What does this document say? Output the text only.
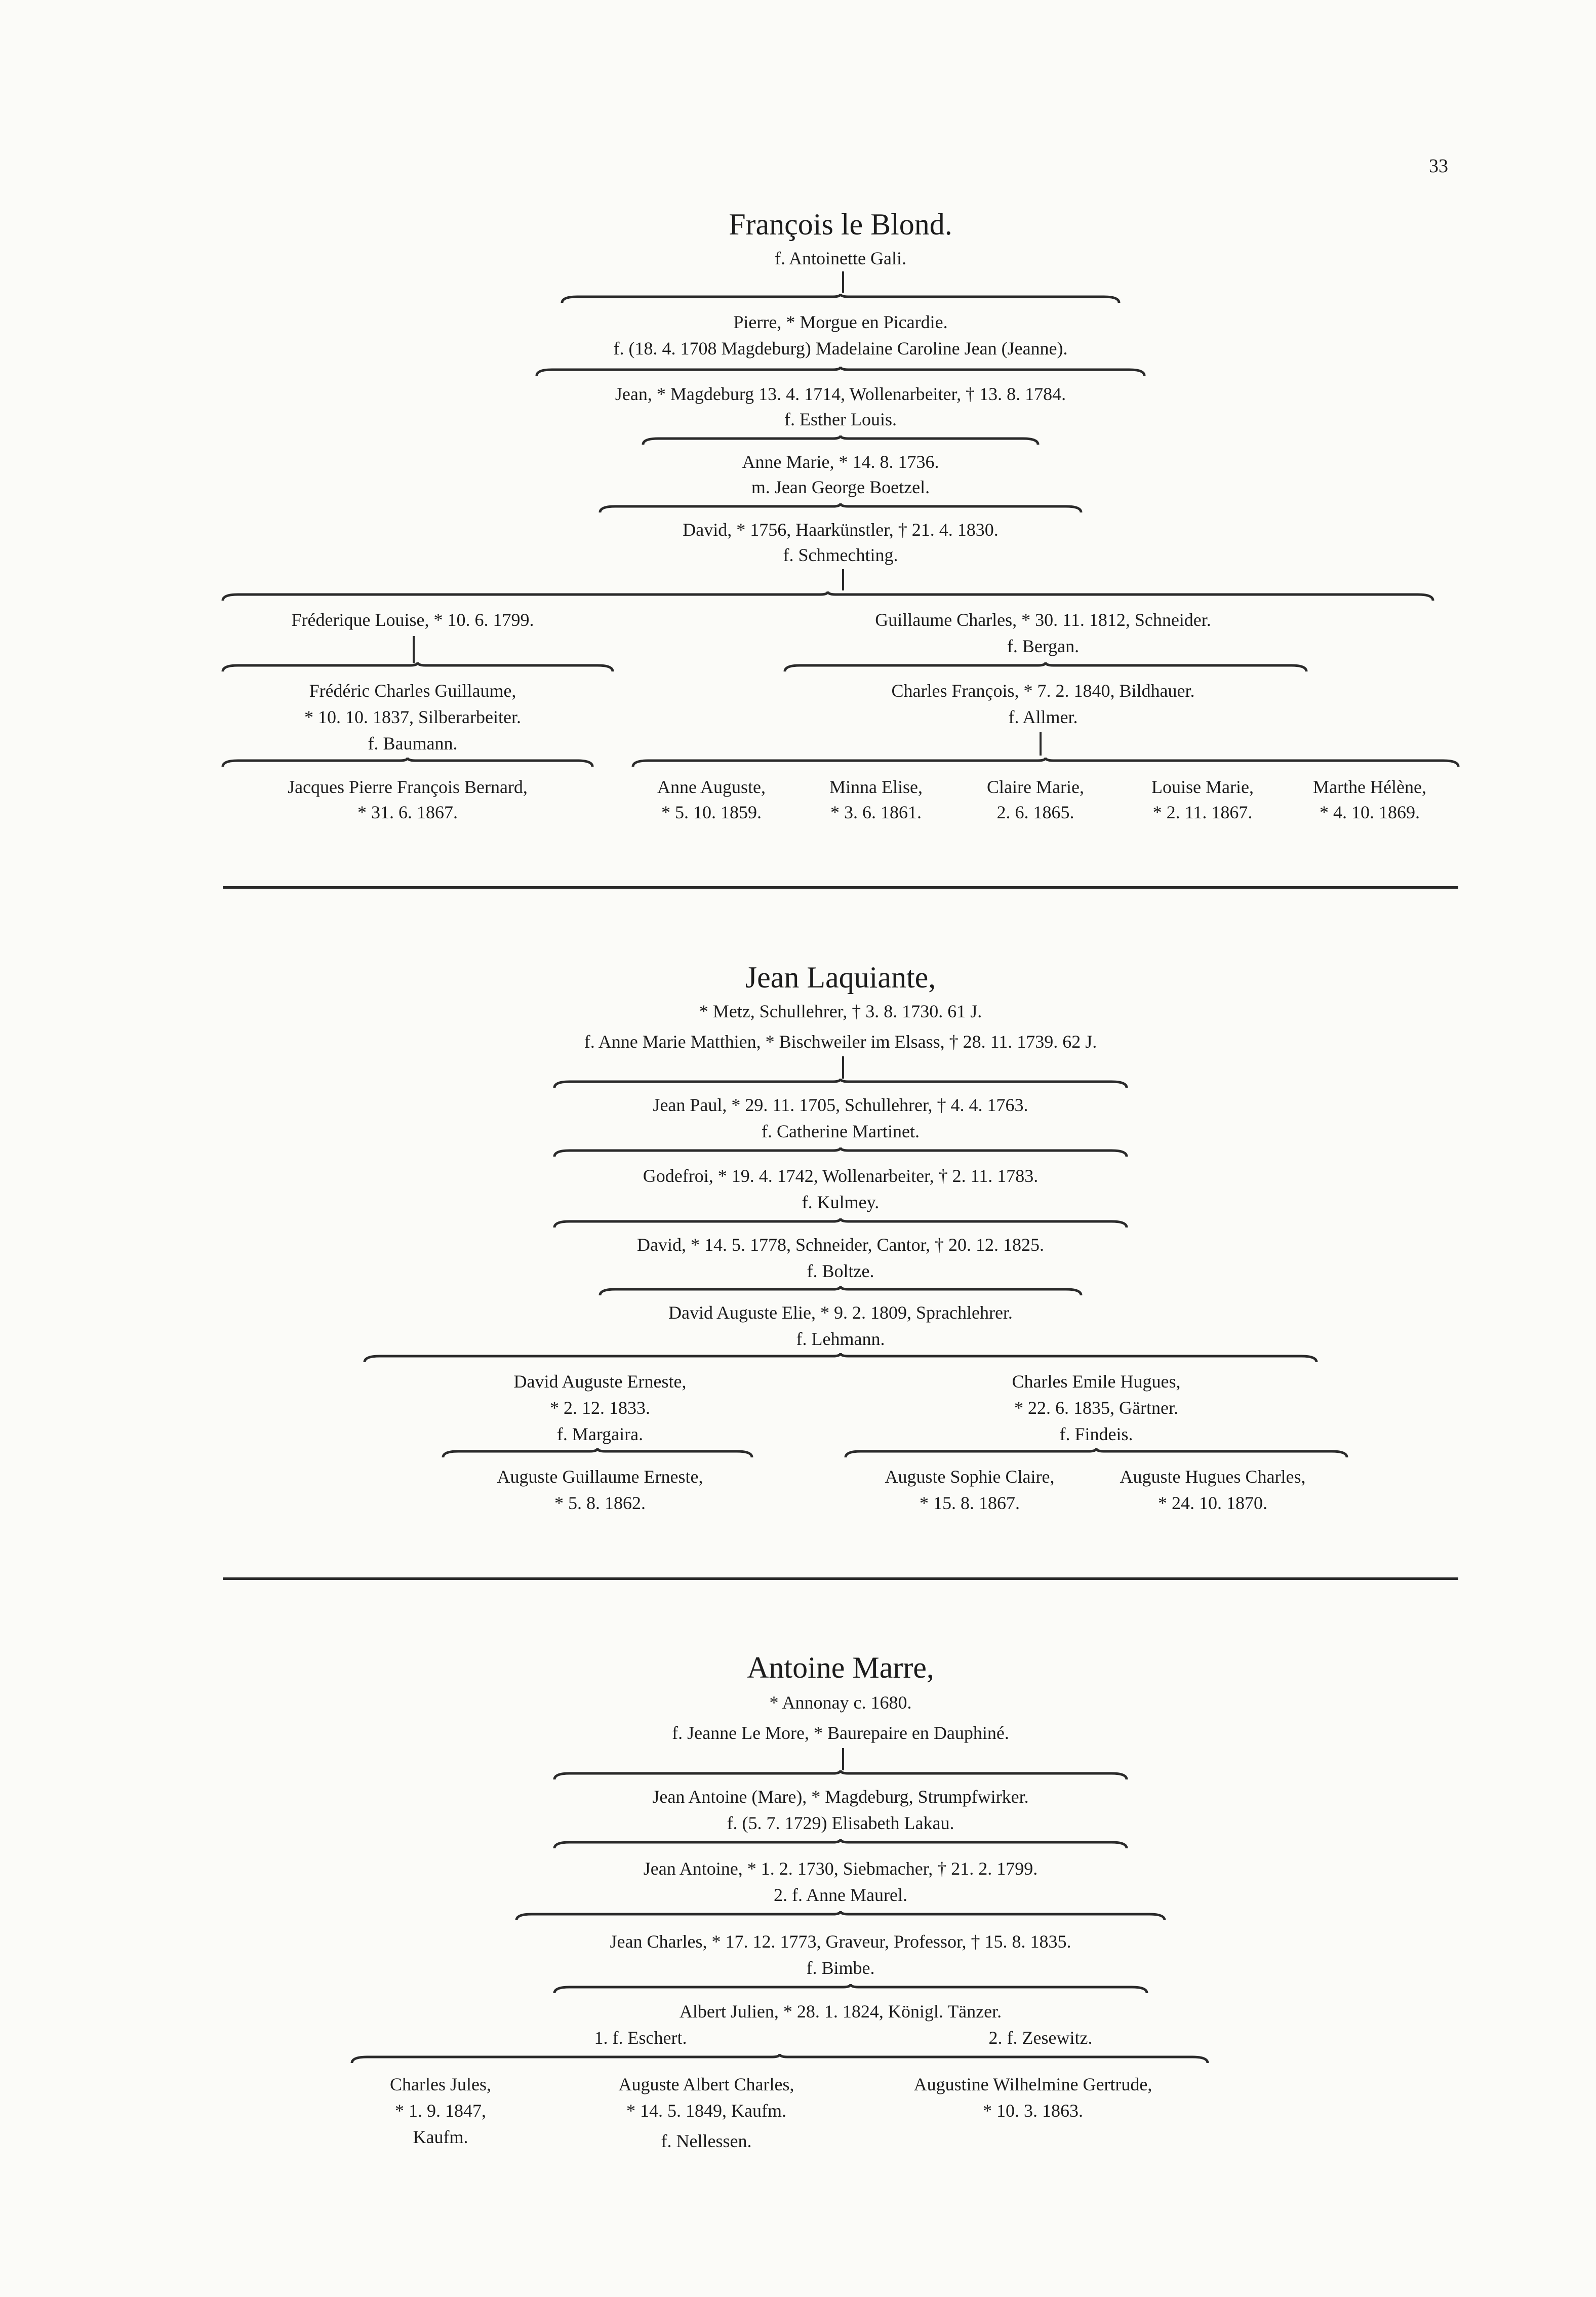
33
François le Blond.
f. Antoinette Gali.
Pierre, * Morgue en Picardie.
f. (18. 4. 1708 Magdeburg) Madelaine Caroline Jean (Jeanne).
Jean, * Magdeburg 13. 4. 1714, Wollenarbeiter, † 13. 8. 1784.
f. Esther Louis.
Anne Marie, * 14. 8. 1736.
m. Jean George Boetzel.
David, * 1756, Haarkünstler, † 21. 4. 1830.
f. Schmechting.
Fréderique Louise, * 10. 6. 1799.	Guillaume Charles, * 30. 11. 1812, Schneider.
f. Bergan.
Frédéric Charles Guillaume,
* 10. 10. 1837, Silberarbeiter.
f. Baumann.
Charles François, * 7. 2. 1840, Bildhauer.
f. Allmer.
Jacques Pierre François Bernard,
* 31. 6. 1867.
Anne Auguste,
* 5. 10. 1859.
Minna Elise,
* 3. 6. 1861.
Claire Marie,
2. 6. 1865.
Louise Marie,
* 2. 11. 1867.
Marthe Hélène,
* 4. 10. 1869.
Jean Laquiante,
* Metz, Schullehrer, † 3. 8. 1730. 61 J.
f. Anne Marie Matthien, * Bischweiler im Elsass, † 28. 11. 1739. 62 J.
Jean Paul, * 29. 11. 1705, Schullehrer, † 4. 4. 1763.
f. Catherine Martinet.
Godefroi, * 19. 4. 1742, Wollenarbeiter, † 2. 11. 1783.
f. Kulmey.
David, * 14. 5. 1778, Schneider, Cantor, † 20. 12. 1825.
f. Boltze.
David Auguste Elie, * 9. 2. 1809, Sprachlehrer.
f. Lehmann.
David Auguste Erneste,
* 2. 12. 1833.
f. Margaira.
Charles Emile Hugues,
* 22. 6. 1835, Gärtner.
f. Findeis.
Auguste Guillaume Erneste,
* 5. 8. 1862.
Auguste Sophie Claire,
* 15. 8. 1867.
Auguste Hugues Charles,
* 24. 10. 1870.
Antoine Marre,
* Annonay c. 1680.
f. Jeanne Le More, * Baurepaire en Dauphiné.
Jean Antoine (Mare), * Magdeburg, Strumpfwirker.
f. (5. 7. 1729) Elisabeth Lakau.
Jean Antoine, * 1. 2. 1730, Siebmacher, † 21. 2. 1799.
2. f. Anne Maurel.
Jean Charles, * 17. 12. 1773, Graveur, Professor, † 15. 8. 1835.
f. Bimbe.
Albert Julien, * 28. 1. 1824, Königl. Tänzer.
1. f. Eschert.	2. f. Zesewitz.
Charles Jules,
* 1. 9. 1847,
Kaufm.
Auguste Albert Charles,
* 14. 5. 1849, Kaufm.
f. Nellessen.
Augustine Wilhelmine Gertrude,
* 10. 3. 1863.
